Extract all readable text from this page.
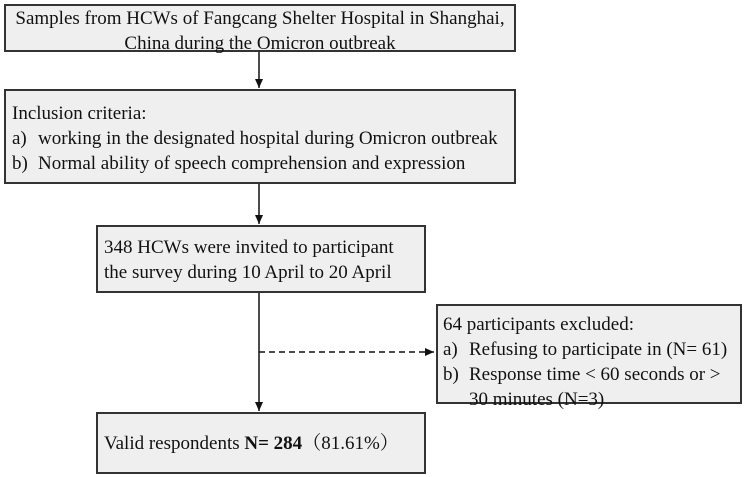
Samples from HCWs of Fangcang Shelter Hospital in Shanghai,
China during the Omicron outbreak
Inclusion criteria:
a) working in the designated hospital during Omicron outbreak
b) Normal ability of speech comprehension and expression
348 HCWs were invited to participant
the survey during 10 April to 20 April
64 participants excluded:
a) Refusing to participate in (N= 61)
b) Response time < 60 seconds or >
30 minutes (N=3)
Valid respondents N= 284（81.61%）
